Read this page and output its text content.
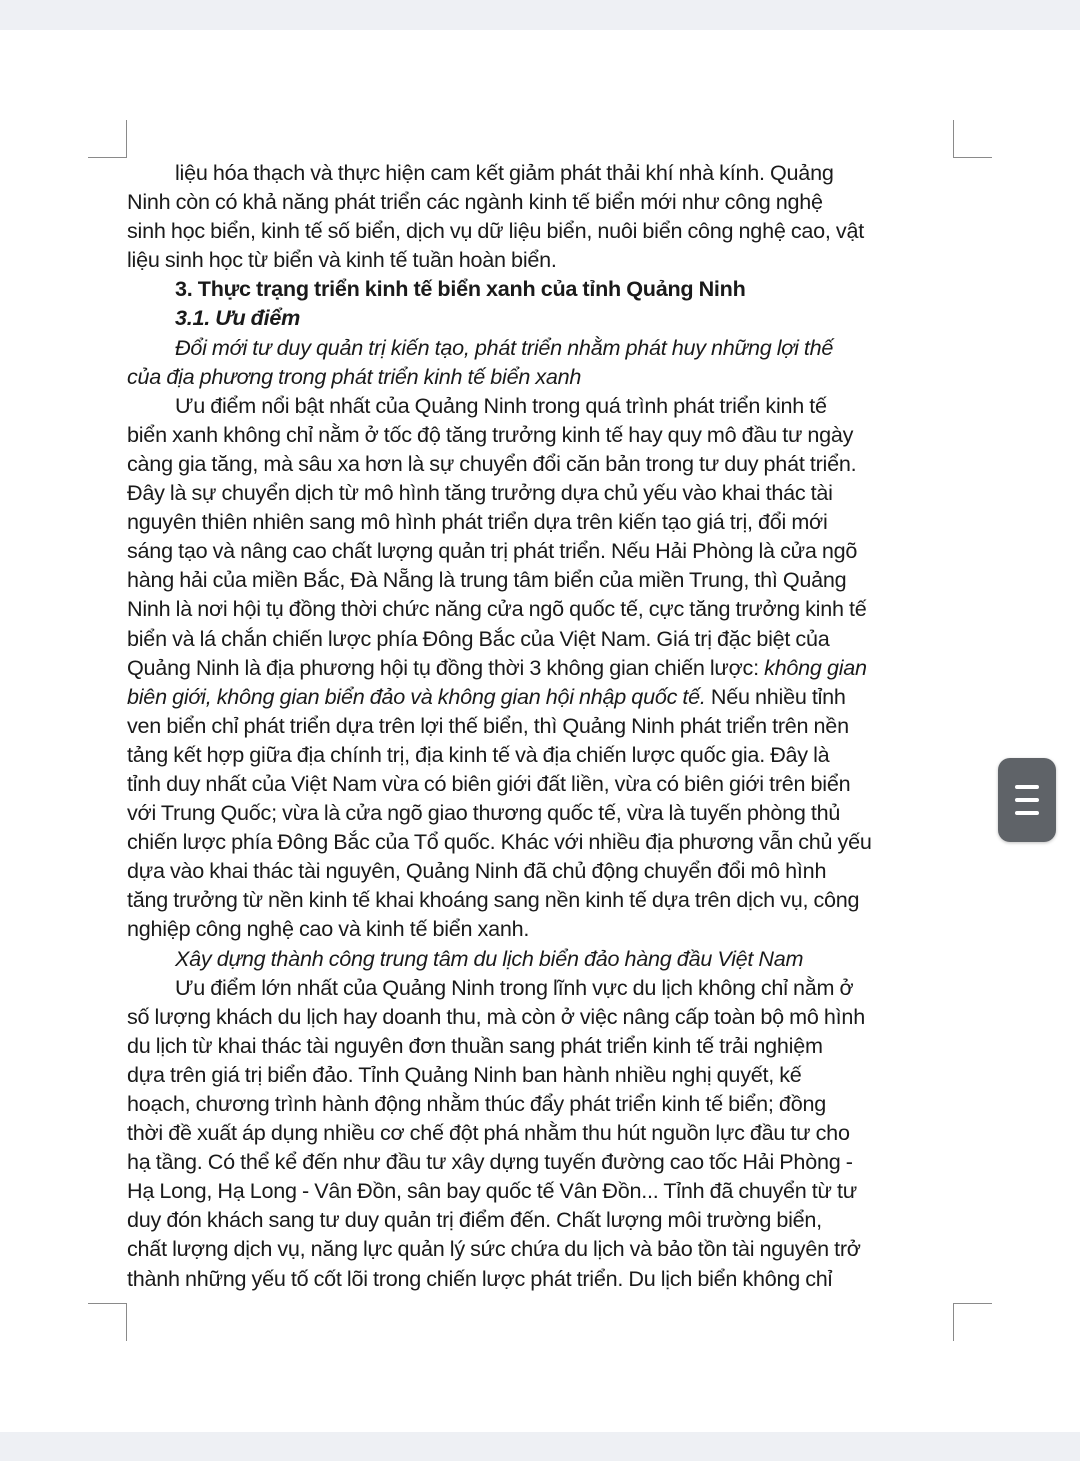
liệu hóa thạch và thực hiện cam kết giảm phát thải khí nhà kính. Quảng
Ninh còn có khả năng phát triển các ngành kinh tế biển mới như công nghệ
sinh học biển, kinh tế số biển, dịch vụ dữ liệu biển, nuôi biển công nghệ cao, vật
liệu sinh học từ biển và kinh tế tuần hoàn biển.
3. Thực trạng triển kinh tế biển xanh của tỉnh Quảng Ninh
3.1. Ưu điểm
Đổi mới tư duy quản trị kiến tạo, phát triển nhằm phát huy những lợi thế
của địa phương trong phát triển kinh tế biển xanh
Ưu điểm nổi bật nhất của Quảng Ninh trong quá trình phát triển kinh tế
biển xanh không chỉ nằm ở tốc độ tăng trưởng kinh tế hay quy mô đầu tư ngày
càng gia tăng, mà sâu xa hơn là sự chuyển đổi căn bản trong tư duy phát triển.
Đây là sự chuyển dịch từ mô hình tăng trưởng dựa chủ yếu vào khai thác tài
nguyên thiên nhiên sang mô hình phát triển dựa trên kiến tạo giá trị, đổi mới
sáng tạo và nâng cao chất lượng quản trị phát triển. Nếu Hải Phòng là cửa ngõ
hàng hải của miền Bắc, Đà Nẵng là trung tâm biển của miền Trung, thì Quảng
Ninh là nơi hội tụ đồng thời chức năng cửa ngõ quốc tế, cực tăng trưởng kinh tế
biển và lá chắn chiến lược phía Đông Bắc của Việt Nam. Giá trị đặc biệt của
Quảng Ninh là địa phương hội tụ đồng thời 3 không gian chiến lược: không gian
biên giới, không gian biển đảo và không gian hội nhập quốc tế. Nếu nhiều tỉnh
ven biển chỉ phát triển dựa trên lợi thế biển, thì Quảng Ninh phát triển trên nền
tảng kết hợp giữa địa chính trị, địa kinh tế và địa chiến lược quốc gia. Đây là
tỉnh duy nhất của Việt Nam vừa có biên giới đất liền, vừa có biên giới trên biển
với Trung Quốc; vừa là cửa ngõ giao thương quốc tế, vừa là tuyến phòng thủ
chiến lược phía Đông Bắc của Tổ quốc. Khác với nhiều địa phương vẫn chủ yếu
dựa vào khai thác tài nguyên, Quảng Ninh đã chủ động chuyển đổi mô hình
tăng trưởng từ nền kinh tế khai khoáng sang nền kinh tế dựa trên dịch vụ, công
nghiệp công nghệ cao và kinh tế biển xanh.
Xây dựng thành công trung tâm du lịch biển đảo hàng đầu Việt Nam
Ưu điểm lớn nhất của Quảng Ninh trong lĩnh vực du lịch không chỉ nằm ở
số lượng khách du lịch hay doanh thu, mà còn ở việc nâng cấp toàn bộ mô hình
du lịch từ khai thác tài nguyên đơn thuần sang phát triển kinh tế trải nghiệm
dựa trên giá trị biển đảo. Tỉnh Quảng Ninh ban hành nhiều nghị quyết, kế
hoạch, chương trình hành động nhằm thúc đẩy phát triển kinh tế biển; đồng
thời đề xuất áp dụng nhiều cơ chế đột phá nhằm thu hút nguồn lực đầu tư cho
hạ tầng. Có thể kể đến như đầu tư xây dựng tuyến đường cao tốc Hải Phòng -
Hạ Long, Hạ Long - Vân Đồn, sân bay quốc tế Vân Đồn... Tỉnh đã chuyển từ tư
duy đón khách sang tư duy quản trị điểm đến. Chất lượng môi trường biển,
chất lượng dịch vụ, năng lực quản lý sức chứa du lịch và bảo tồn tài nguyên trở
thành những yếu tố cốt lõi trong chiến lược phát triển. Du lịch biển không chỉ
